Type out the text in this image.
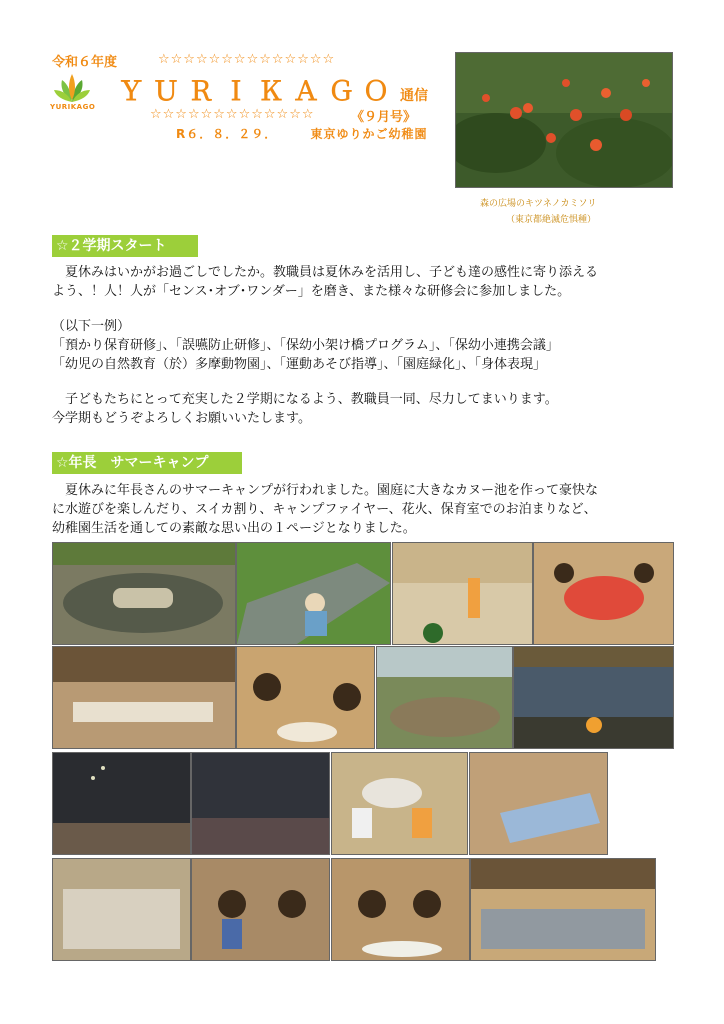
令和６年度	☆☆☆☆☆☆☆☆☆☆☆☆☆☆
YURIKAGO ＹＵＲＩＫＡＧＯ 通信
☆☆☆☆☆☆☆☆☆☆☆☆☆	《９月号》
R６．８．２９．	東京ゆりかご幼稚園
森の広場のキツネノカミソリ
（東京都絶滅危惧種）
☆２学期スタート
　夏休みはいかがお過ごしでしたか。教職員は夏休みを活用し、子ども達の感性に寄り添える
よう、！人！人が「センス･オブ･ワンダー」を磨き、また様々な研修会に参加しました。
（以下一例）
「預かり保育研修」、「誤嚥防止研修」、「保幼小架け橋プログラム」、「保幼小連携会議」
「幼児の自然教育（於）多摩動物園」、「運動あそび指導」、「園庭緑化」、「身体表現」
　子どもたちにとって充実した２学期になるよう、教職員一同、尽力してまいります。
今学期もどうぞよろしくお願いいたします。
☆年長　サマーキャンプ
　夏休みに年長さんのサマーキャンプが行われました。園庭に大きなカヌー池を作って豪快な
に水遊びを楽しんだり、スイカ割り、キャンプファイヤー、花火、保育室でのお泊まりなど、
幼稚園生活を通しての素敵な思い出の１ページとなりました。
